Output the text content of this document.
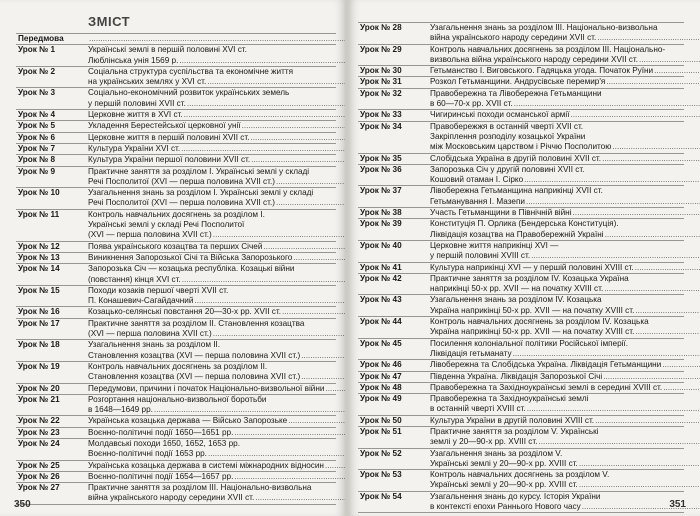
ЗМІСТ
Передмова
.....
Урок № 1	Українські землі в першій половині XVI ст.
Люблінська унія 1569 р.
.....
Урок № 2	Соціальна структура суспільства та економічне життя
на українських землях у XVI ст.
.....
Урок № 3	Соціально-економічний розвиток українських земель
у першій половині XVII ст.
.....
Урок № 4	Церковне життя в XVI ст.
.....
Урок № 5	Укладення Берестейської церковної унії
.....
Урок № 6	Церковне життя в першій половині XVII ст.
.....
Урок № 7	Культура України XVI ст.
.....
Урок № 8	Культура України першої половини XVII ст.
.....
Урок № 9	Практичне заняття за розділом І. Українські землі у складі
Речі Посполитої (XVI — перша половина XVII ст.)
.....
Урок № 10	Узагальнення знань за розділом І. Українські землі у складі
Речі Посполитої (XVI — перша половина XVII ст.)
.....
Урок № 11	Контроль навчальних досягнень за розділом І.
Українські землі у складі Речі Посполитої
(XVI — перша половина XVII ст.)
.....
Урок № 12	Поява українського козацтва та перших Січей
.....
Урок № 13	Виникнення Запорозької Січі та Війська Запорозького
.....
Урок № 14	Запорозька Січ — козацька республіка. Козацькі війни
(повстання) кінця XVI ст.
.....
Урок № 15	Походи козаків першої чверті XVII ст.
П. Конашевич-Сагайдачний
.....
Урок № 16	Козацько-селянські повстання 20—30-х рр. XVII ст.
.....
Урок № 17	Практичне заняття за розділом II. Становлення козацтва
(XVI — перша половина XVII ст.)
.....
Урок № 18	Узагальнення знань за розділом II.
Становлення козацтва (XVI — перша половина XVII ст.)
.....
Урок № 19	Контроль навчальних досягнень за розділом II.
Становлення козацтва (XVI — перша половина XVII ст.)
.....
Урок № 20	Передумови, причини і початок Національно-визвольної війни
.....
Урок № 21	Розгортання національно-визвольної боротьби
в 1648—1649 рр.
.....
Урок № 22	Українська козацька держава — Військо Запорозьке
.....
Урок № 23	Воєнно-політичні події 1650—1651 рр.
.....
Урок № 24	Молдавські походи 1650, 1652, 1653 рр.
Воєнно-політичні події 1653 рр.
.....
Урок № 25	Українська козацька держава в системі міжнародних відносин
.....
Урок № 26	Воєнно-політичні події 1654—1657 рр.
.....
Урок № 27	Практичне заняття за розділом III. Національно-визвольна
війна українського народу середини XVII ст.
.....
350
Урок № 28	Узагальнення знань за розділом III. Національно-визвольна
війна українського народу середини XVII ст.
.....
Урок № 29	Контроль навчальних досягнень за розділом III. Національно-
визвольна війна українського народу середини XVII ст.
.....
Урок № 30	Гетьманство І. Виговського. Гадяцька угода. Початок Руїни
.....
Урок № 31	Розкол Гетьманщини. Андрусівське перемир'я
.....
Урок № 32	Правобережна та Лівобережна Гетьманщини
в 60—70-х рр. XVII ст.
.....
Урок № 33	Чигиринські походи османської армії
.....
Урок № 34	Правобережжя в останній чверті XVII ст.
Закріплення розподілу козацької України
між Московським царством і Річчю Посполитою
.....
Урок № 35	Слобідська Україна в другій половині XVII ст.
.....
Урок № 36	Запорозька Січ у другій половині XVII ст.
Кошовий отаман І. Сірко
.....
Урок № 37	Лівобережна Гетьманщина наприкінці XVII ст.
Гетьманування І. Мазепи
.....
Урок № 38	Участь Гетьманщини в Північній війні
.....
Урок № 39	Конституція П. Орлика (Бендерська Конституція).
Ліквідація козацтва на Правобережній Україні
.....
Урок № 40	Церковне життя наприкінці XVI —
у першій половині XVIII ст.
.....
Урок № 41	Культура наприкінці XVI — у першій половині XVIII ст.
.....
Урок № 42	Практичне заняття за розділом IV. Козацька Україна
наприкінці 50-х рр. XVII — на початку XVIII ст.
.....
Урок № 43	Узагальнення знань за розділом IV. Козацька
Україна наприкінці 50-х рр. XVII — на початку XVIII ст.
.....
Урок № 44	Контроль навчальних досягнень за розділом IV. Козацька
Україна наприкінці 50-х рр. XVII — на початку XVIII ст.
.....
Урок № 45	Посилення колоніальної політики Російської імперії.
Ліквідація гетьманату
.....
Урок № 46	Лівобережна та Слобідська Україна. Ліквідація Гетьманщини
.....
Урок № 47	Південна Україна. Ліквідація Запорозької Січі
.....
Урок № 48	Правобережна та Західноукраїнські землі в середині XVIII ст.
.....
Урок № 49	Правобережна та Західноукраїнські землі
в останній чверті XVIII ст.
.....
Урок № 50	Культура України в другій половині XVIII ст.
.....
Урок № 51	Практичне заняття за розділом V. Українські
землі у 20—90-х рр. XVIII ст.
.....
Урок № 52	Узагальнення знань за розділом V.
Українські землі у 20—90-х рр. XVIII ст.
.....
Урок № 53	Контроль навчальних досягнень за розділом V.
Українські землі у 20—90-х рр. XVIII ст.
.....
Урок № 54	Узагальнення знань до курсу. Історія України
в контексті епохи Раннього Нового часу
.....	351
